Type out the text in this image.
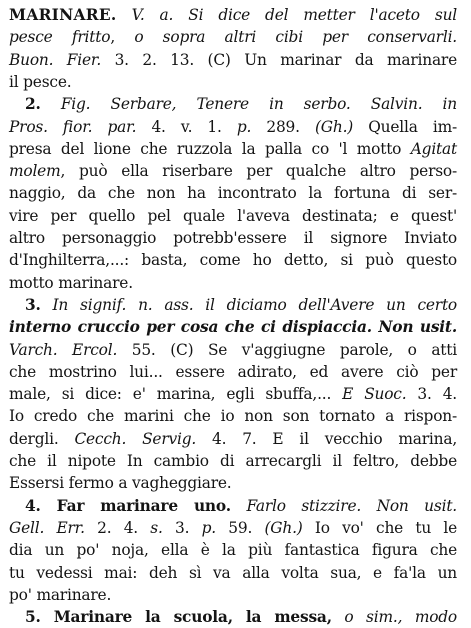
MARINARE. V. a. Si dice del metter l'aceto sul
pesce fritto, o sopra altri cibi per conservarli.
Buon. Fier. 3. 2. 13. (C) Un marinar da marinare
il pesce.
2. Fig. Serbare, Tenere in serbo. Salvin. in
Pros. fior. par. 4. v. 1. p. 289. (Gh.) Quella im-
presa del lione che ruzzola la palla co 'l motto Agitat
molem, può ella riserbare per qualche altro perso-
naggio, da che non ha incontrato la fortuna di ser-
vire per quello pel quale l'aveva destinata; e quest'
altro personaggio potrebb'essere il signore Inviato
d'Inghilterra,...: basta, come ho detto, si può questo
motto marinare.
3. In signif. n. ass. il diciamo dell'Avere un certo
interno cruccio per cosa che ci dispiaccia. Non usit.
Varch. Ercol. 55. (C) Se v'aggiugne parole, o atti
che mostrino lui... essere adirato, ed avere ciò per
male, si dice: e' marina, egli sbuffa,... E Suoc. 3. 4.
Io credo che marini che io non son tornato a rispon-
dergli. Cecch. Servig. 4. 7. E il vecchio marina,
che il nipote In cambio di arrecargli il feltro, debbe
Essersi fermo a vagheggiare.
4. Far marinare uno. Farlo stizzire. Non usit.
Gell. Err. 2. 4. s. 3. p. 59. (Gh.) Io vo' che tu le
dia un po' noja, ella è la più fantastica figura che
tu vedessi mai: deh sì va alla volta sua, e fa'la un
po' marinare.
5. Marinare la scuola, la messa, o sim., modo
